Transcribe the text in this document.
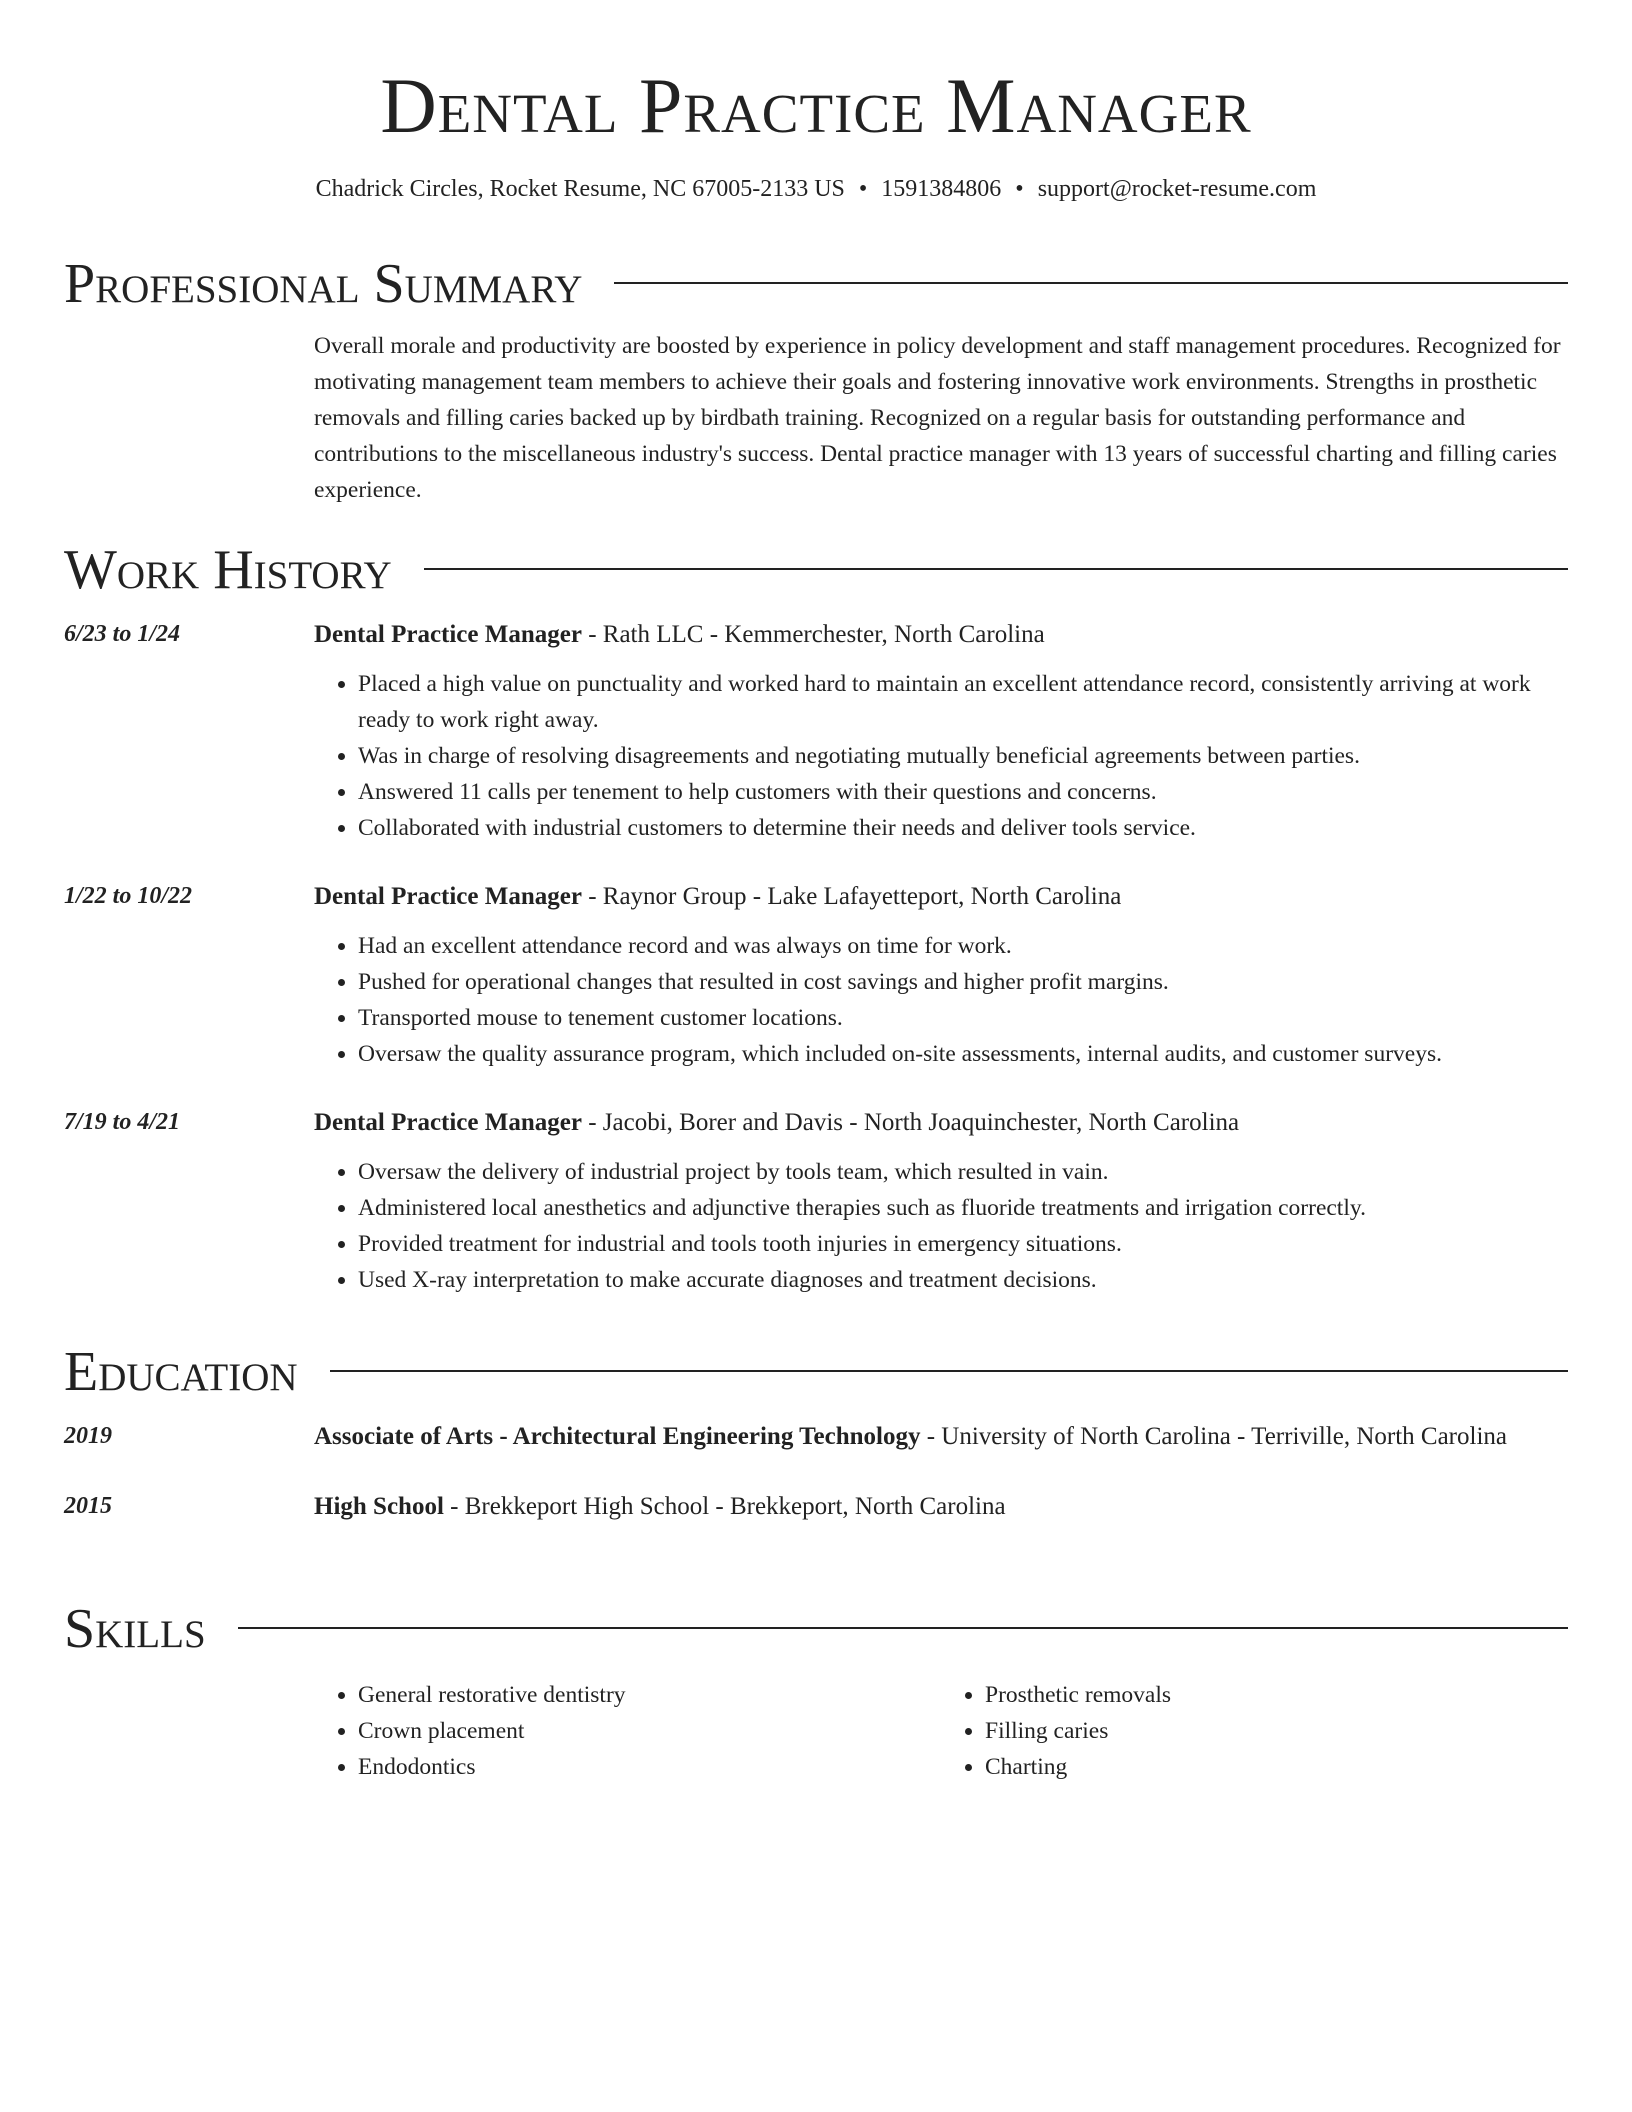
Dental Practice Manager
Chadrick Circles, Rocket Resume, NC 67005-2133 US • 1591384806 • support@rocket-resume.com
Professional Summary
Overall morale and productivity are boosted by experience in policy development and staff management procedures. Recognized for motivating management team members to achieve their goals and fostering innovative work environments. Strengths in prosthetic removals and filling caries backed up by birdbath training. Recognized on a regular basis for outstanding performance and contributions to the miscellaneous industry's success. Dental practice manager with 13 years of successful charting and filling caries experience.
Work History
6/23 to 1/24	Dental Practice Manager - Rath LLC - Kemmerchester, North Carolina
• Placed a high value on punctuality and worked hard to maintain an excellent attendance record, consistently arriving at work ready to work right away.
• Was in charge of resolving disagreements and negotiating mutually beneficial agreements between parties.
• Answered 11 calls per tenement to help customers with their questions and concerns.
• Collaborated with industrial customers to determine their needs and deliver tools service.
1/22 to 10/22	Dental Practice Manager - Raynor Group - Lake Lafayetteport, North Carolina
• Had an excellent attendance record and was always on time for work.
• Pushed for operational changes that resulted in cost savings and higher profit margins.
• Transported mouse to tenement customer locations.
• Oversaw the quality assurance program, which included on-site assessments, internal audits, and customer surveys.
7/19 to 4/21	Dental Practice Manager - Jacobi, Borer and Davis - North Joaquinchester, North Carolina
• Oversaw the delivery of industrial project by tools team, which resulted in vain.
• Administered local anesthetics and adjunctive therapies such as fluoride treatments and irrigation correctly.
• Provided treatment for industrial and tools tooth injuries in emergency situations.
• Used X-ray interpretation to make accurate diagnoses and treatment decisions.
Education
2019	Associate of Arts - Architectural Engineering Technology - University of North Carolina - Terriville, North Carolina
2015	High School - Brekkeport High School - Brekkeport, North Carolina
Skills
• General restorative dentistry
• Crown placement
• Endodontics
• Prosthetic removals
• Filling caries
• Charting
